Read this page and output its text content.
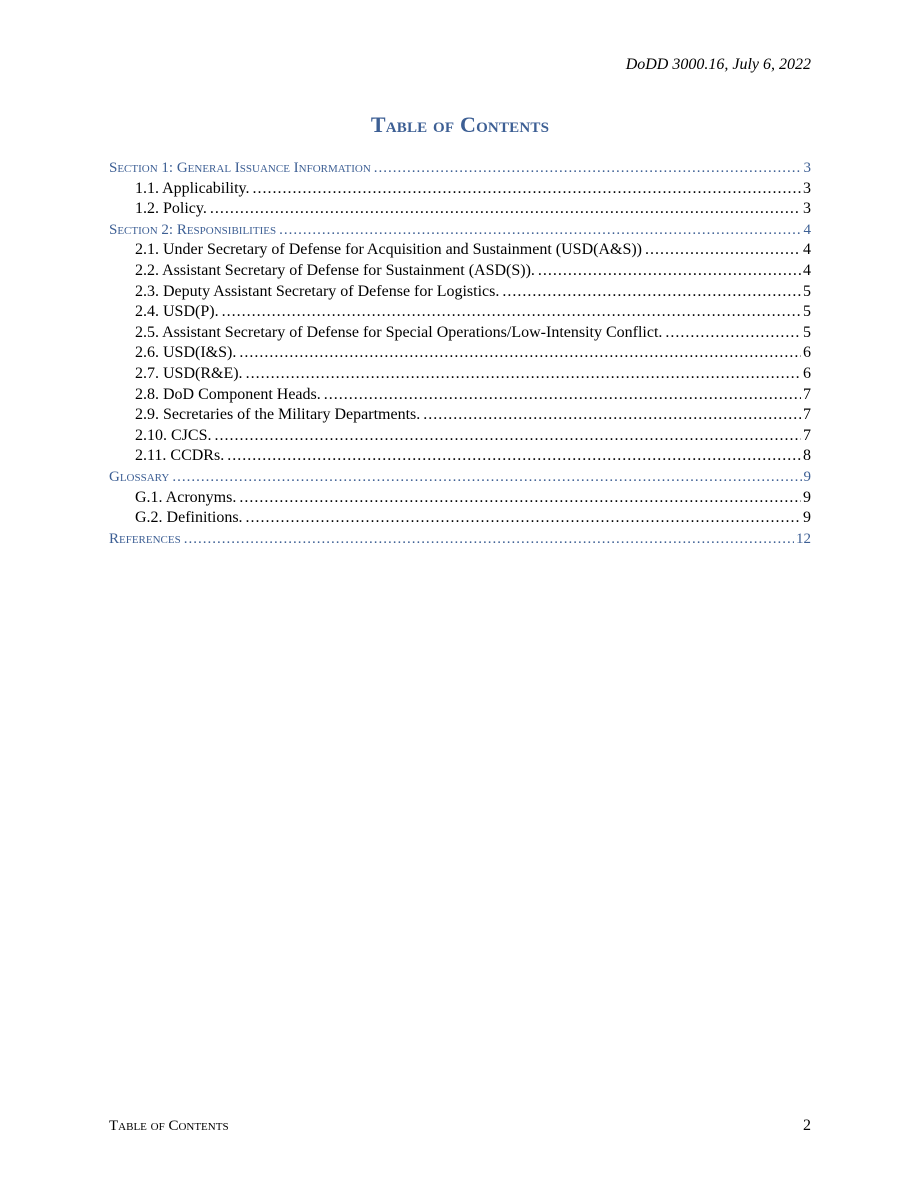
DoDD 3000.16, July 6, 2022
Table of Contents
Section 1: General Issuance Information .....	3
1.1. Applicability. .....	3
1.2. Policy. .....	3
Section 2: Responsibilities .....	4
2.1. Under Secretary of Defense for Acquisition and Sustainment (USD(A&S)) .....	4
2.2. Assistant Secretary of Defense for Sustainment (ASD(S)). .....	4
2.3. Deputy Assistant Secretary of Defense for Logistics. .....	5
2.4. USD(P). .....	5
2.5. Assistant Secretary of Defense for Special Operations/Low-Intensity Conflict. .....	5
2.6. USD(I&S). .....	6
2.7. USD(R&E). .....	6
2.8. DoD Component Heads. .....	7
2.9. Secretaries of the Military Departments. .....	7
2.10. CJCS. .....	7
2.11. CCDRs. .....	8
Glossary .....	9
G.1. Acronyms. .....	9
G.2. Definitions. .....	9
References .....	12
Table of Contents	2
